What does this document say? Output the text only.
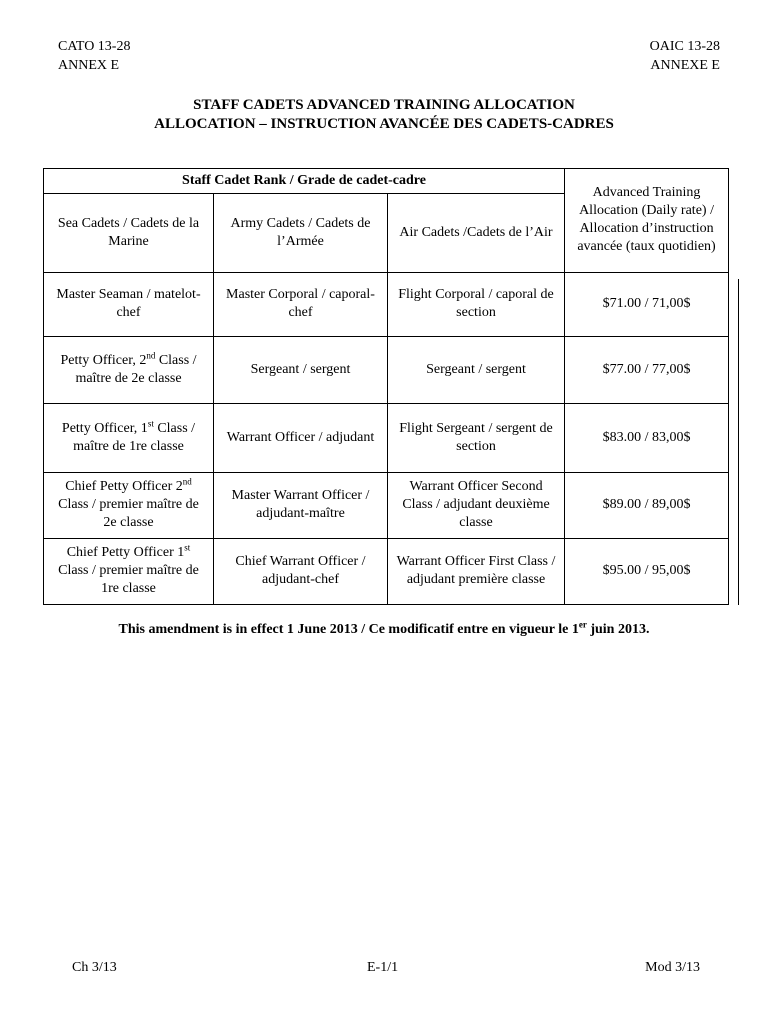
CATO 13-28
ANNEX E
OAIC 13-28
ANNEXE E
STAFF CADETS ADVANCED TRAINING ALLOCATION
ALLOCATION – INSTRUCTION AVANCÉE DES CADETS-CADRES
Staff Cadet Rank / Grade de cadet-cadre			Advanced Training Allocation (Daily rate) / Allocation d’instruction avancée (taux quotidien)
Sea Cadets / Cadets de la Marine	Army Cadets / Cadets de l’Armée	Air Cadets /Cadets de l’Air	
Master Seaman / matelot-chef	Master Corporal / caporal-chef	Flight Corporal / caporal de section	$71.00 / 71,00$
Petty Officer, 2nd Class / maître de 2e classe	Sergeant / sergent	Sergeant / sergent	$77.00 / 77,00$
Petty Officer, 1st Class / maître de 1re classe	Warrant Officer / adjudant	Flight Sergeant / sergent de section	$83.00 / 83,00$
Chief Petty Officer 2nd Class / premier maître de 2e classe	Master Warrant Officer / adjudant-maître	Warrant Officer Second Class / adjudant deuxième classe	$89.00 / 89,00$
Chief Petty Officer 1st Class / premier maître de 1re classe	Chief Warrant Officer / adjudant-chef	Warrant Officer First Class / adjudant première classe	$95.00 / 95,00$
This amendment is in effect 1 June 2013 / Ce modificatif entre en vigueur le 1er juin 2013.
Ch 3/13	E-1/1	Mod 3/13
